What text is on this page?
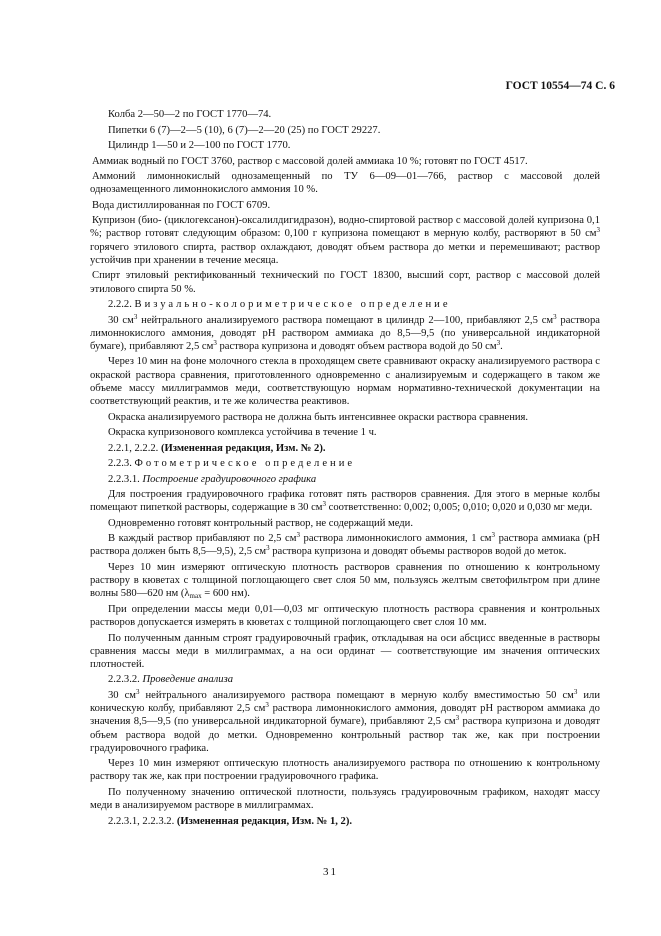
ГОСТ 10554—74 С. 6

Колба 2—50—2 по ГОСТ 1770—74.

Пипетки 6 (7)—2—5 (10), 6 (7)—2—20 (25) по ГОСТ 29227.

Цилиндр 1—50 и 2—100 по ГОСТ 1770.

Аммиак водный по ГОСТ 3760, раствор с массовой долей аммиака 10 %; готовят по ГОСТ 4517.

Аммоний лимоннокислый однозамещенный по ТУ 6—09—01—766, раствор с массовой долей однозамещенного лимоннокислого аммония 10 %.

Вода дистиллированная по ГОСТ 6709.

Купризон (био- (циклогексанон)-оксалилдигидразон), водно-спиртовой раствор с массовой долей купризона 0,1 %; раствор готовят следующим образом: 0,100 г купризона помещают в мерную колбу, растворяют в 50 $см^3$ горячего этилового спирта, раствор охлаждают, доводят объем раствора до метки и перемешивают; раствор устойчив при хранении в течение месяца.

Спирт этиловый ректификованный технический по ГОСТ 18300, высший сорт, раствор с массовой долей этилового спирта 50 %.

2.2.2. Визуально-колориметрическое определение

30 $см^3$ нейтрального анализируемого раствора помещают в цилиндр 2—100, прибавляют 2,5 $см^3$ раствора лимоннокислого аммония, доводят pH раствором аммиака до 8,5—9,5 (по универсальной индикаторной бумаге), прибавляют 2,5 $см^3$ раствора купризона и доводят объем раствора водой до 50 $см^3$.

Через 10 мин на фоне молочного стекла в проходящем свете сравнивают окраску анализируемого раствора с окраской раствора сравнения, приготовленного одновременно с анализируемым и содержащего в таком же объеме массу миллиграммов меди, соответствующую нормам нормативно-технической документации на соответствующий реактив, и те же количества реактивов.

Окраска анализируемого раствора не должна быть интенсивнее окраски раствора сравнения.

Окраска купризонового комплекса устойчива в течение 1 ч.

2.2.1, 2.2.2. (Измененная редакция, Изм. № 2).

2.2.3. Фотометрическое определение

2.2.3.1. Построение градуировочного графика

Для построения градуировочного графика готовят пять растворов сравнения. Для этого в мерные колбы помещают пипеткой растворы, содержащие в 30 $см^3$ соответственно: 0,002; 0,005; 0,010; 0,020 и 0,030 мг меди.

Одновременно готовят контрольный раствор, не содержащий меди.

В каждый раствор прибавляют по 2,5 $см^3$ раствора лимоннокислого аммония, 1 $см^3$ раствора аммиака (pH раствора должен быть 8,5—9,5), 2,5 $см^3$ раствора купризона и доводят объемы растворов водой до меток.

Через 10 мин измеряют оптическую плотность растворов сравнения по отношению к контрольному раствору в кюветах с толщиной поглощающего свет слоя 50 мм, пользуясь желтым светофильтром при длине волны 580—620 нм ($\lambda_{max} = 600$ нм).

При определении массы меди 0,01—0,03 мг оптическую плотность раствора сравнения и контрольных растворов допускается измерять в кюветах с толщиной поглощающего свет слоя 10 мм.

По полученным данным строят градуировочный график, откладывая на оси абсцисс введенные в растворы сравнения массы меди в миллиграммах, а на оси ординат — соответствующие им значения оптических плотностей.

2.2.3.2. Проведение анализа

30 $см^3$ нейтрального анализируемого раствора помещают в мерную колбу вместимостью 50 $см^3$ или коническую колбу, прибавляют 2,5 $см^3$ раствора лимоннокислого аммония, доводят pH раствором аммиака до значения 8,5—9,5 (по универсальной индикаторной бумаге), прибавляют 2,5 $см^3$ раствора купризона и доводят объем раствора водой до метки. Одновременно контрольный раствор так же, как при построении градуировочного графика.

Через 10 мин измеряют оптическую плотность анализируемого раствора по отношению к контрольному раствору так же, как при построении градуировочного графика.

По полученному значению оптической плотности, пользуясь градуировочным графиком, находят массу меди в анализируемом растворе в миллиграммах.

2.2.3.1, 2.2.3.2. (Измененная редакция, Изм. № 1, 2).

31
